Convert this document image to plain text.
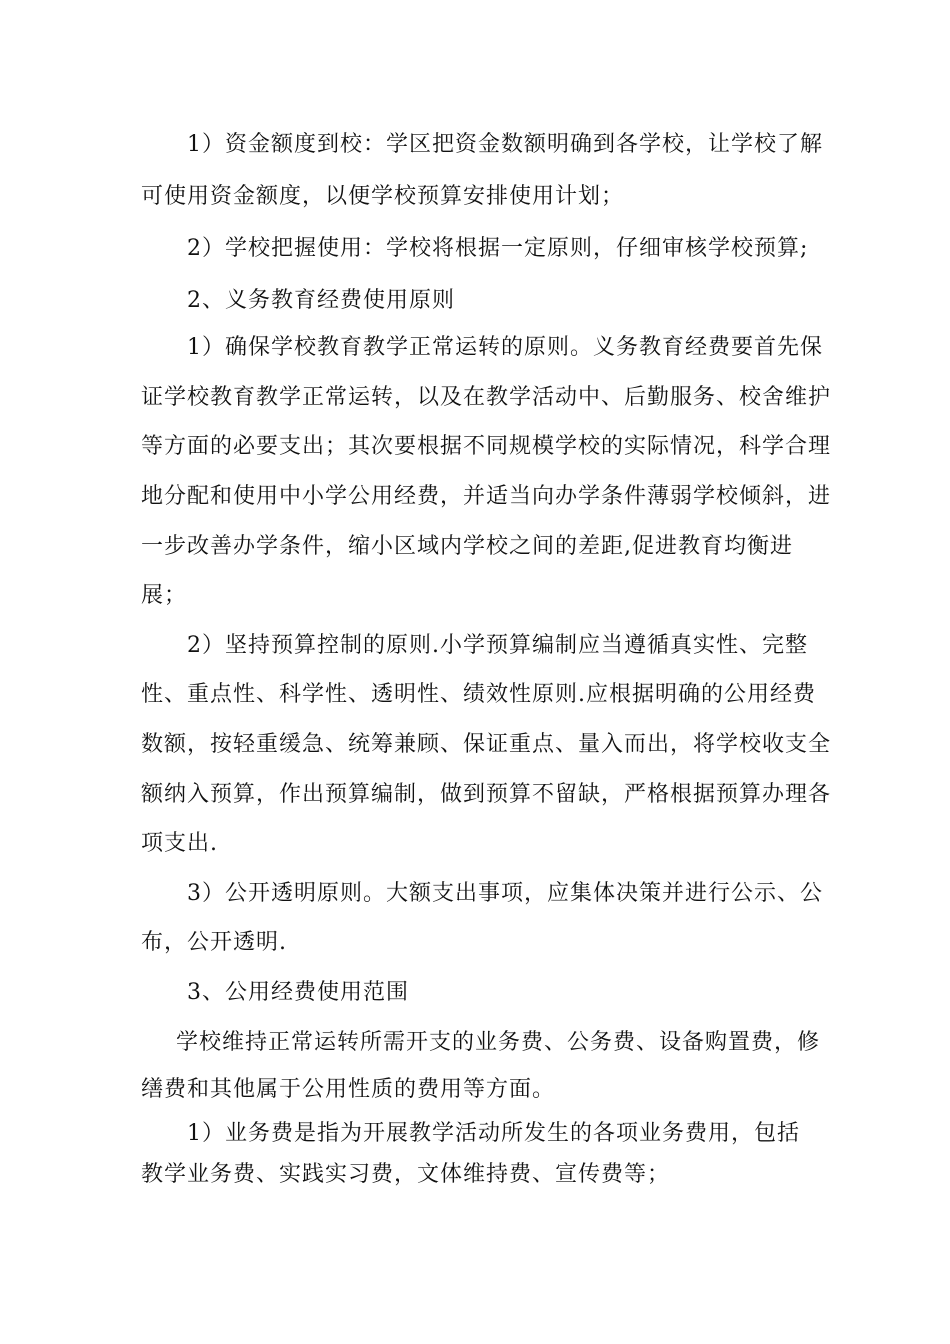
1）资金额度到校：学区把资金数额明确到各学校，让学校了解
可使用资金额度，以便学校预算安排使用计划；
2）学校把握使用：学校将根据一定原则，仔细审核学校预算;
2、义务教育经费使用原则
1）确保学校教育教学正常运转的原则。义务教育经费要首先保
证学校教育教学正常运转，以及在教学活动中、后勤服务、校舍维护
等方面的必要支出；其次要根据不同规模学校的实际情况，科学合理
地分配和使用中小学公用经费，并适当向办学条件薄弱学校倾斜，进
一步改善办学条件，缩小区域内学校之间的差距,促进教育均衡进
展；
2）坚持预算控制的原则.小学预算编制应当遵循真实性、完整
性、重点性、科学性、透明性、绩效性原则.应根据明确的公用经费
数额，按轻重缓急、统筹兼顾、保证重点、量入而出，将学校收支全
额纳入预算，作出预算编制，做到预算不留缺，严格根据预算办理各
项支出.
3）公开透明原则。大额支出事项，应集体决策并进行公示、公
布，公开透明.
3、公用经费使用范围
学校维持正常运转所需开支的业务费、公务费、设备购置费，修
缮费和其他属于公用性质的费用等方面。
1）业务费是指为开展教学活动所发生的各项业务费用，包括
教学业务费、实践实习费，文体维持费、宣传费等；
